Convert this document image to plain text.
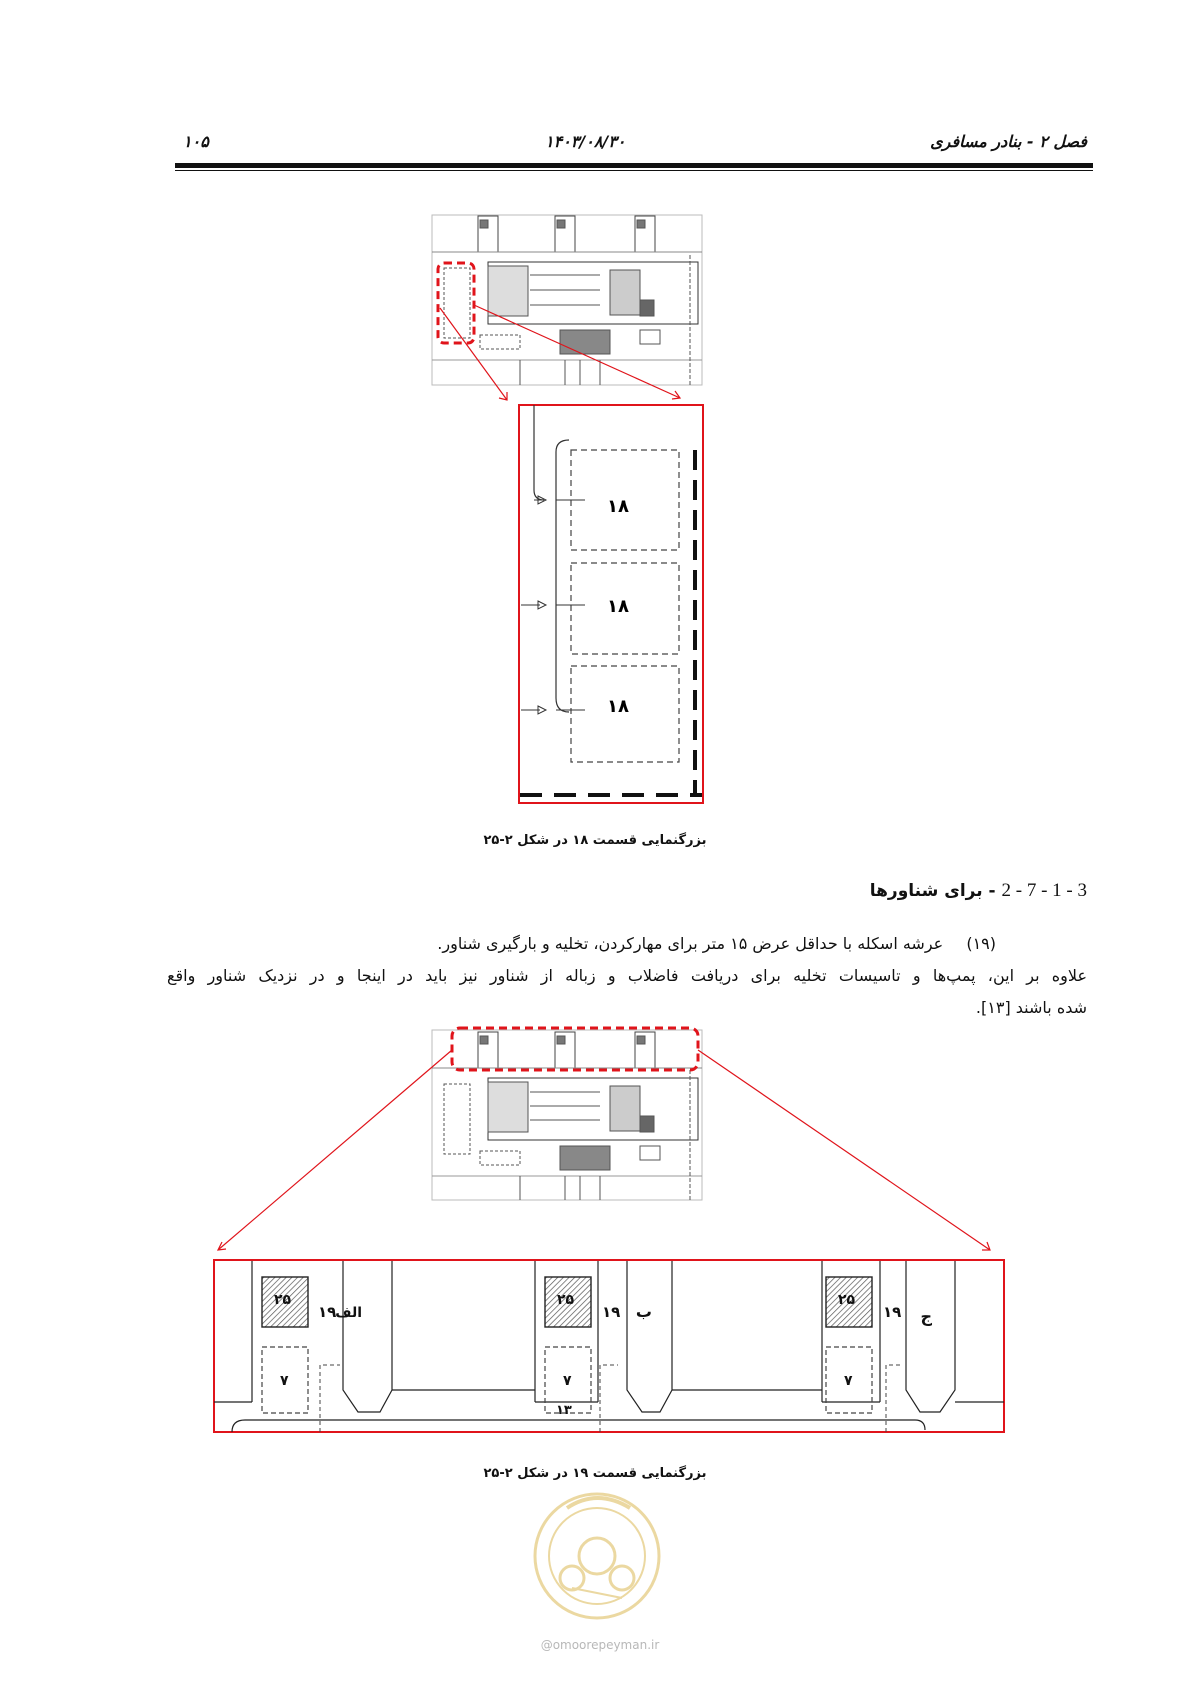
فصل ۲ - بنادر مسافری
۱۴۰۳/۰۸/۳۰
۱۰۵
۱۸
۱۸
۱۸
بزرگنمایی قسمت ۱۸ در شکل ۲-۲۵
2 - 7 - 1 - 3 - برای شناورها
(۱۹) عرشه اسکله با حداقل عرض ۱۵ متر برای مهارکردن، تخلیه و بارگیری شناور.
علاوه بر این، پمپ‌ها و تاسیسات تخلیه برای دریافت فاضلاب و زباله از شناور نیز باید در اینجا و در نزدیک شناور واقع
شده باشند [۱۳].
۲۵	۲۵	۲۵
۱۹	۱۹	۱۹
الف	ب	ج
۷	۷	۷
۱۳
بزرگنمایی قسمت ۱۹ در شکل ۲-۲۵
@omoorepeyman.ir
